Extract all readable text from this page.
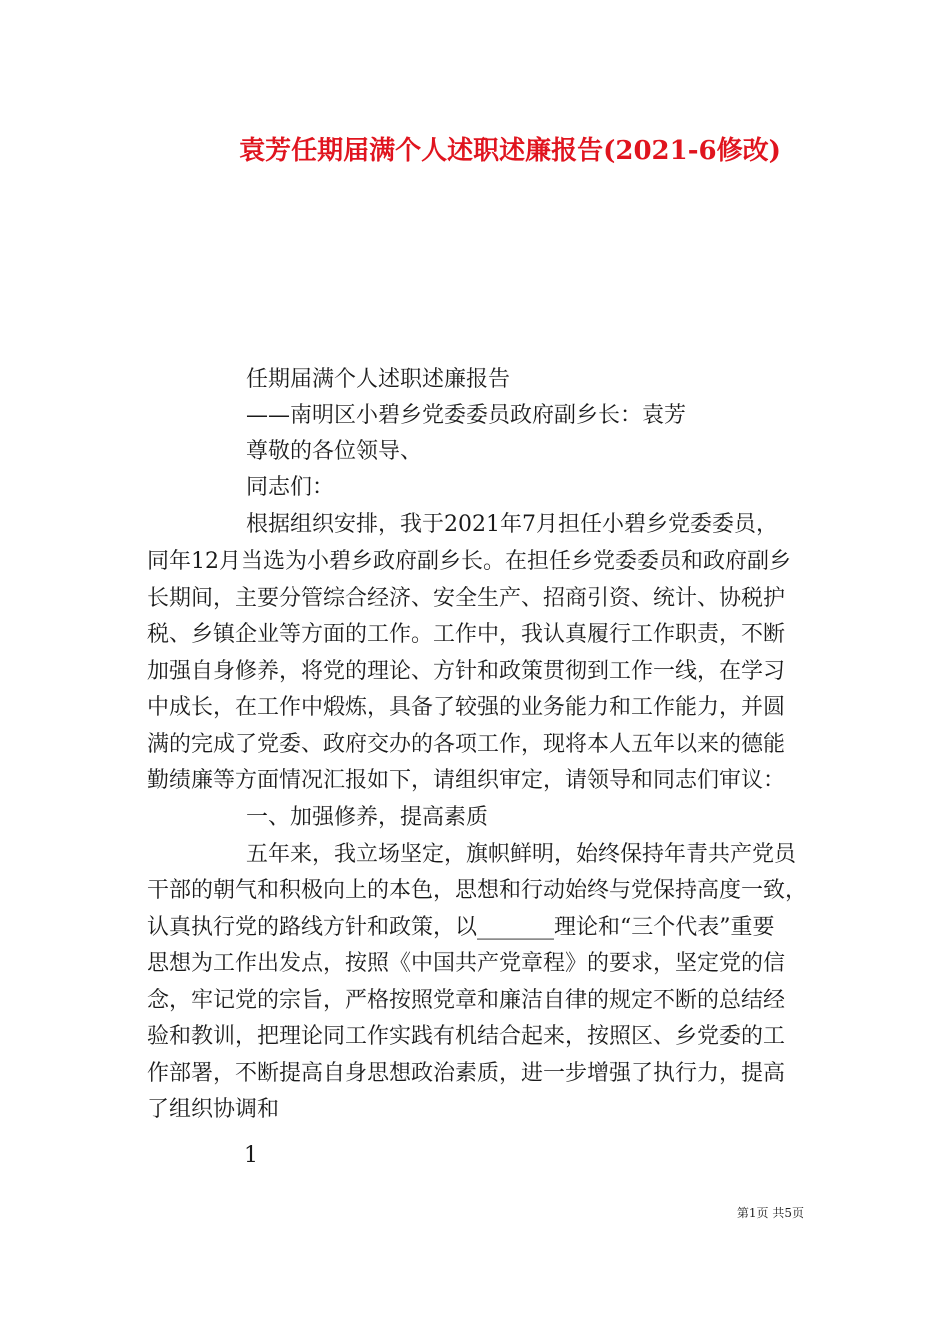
袁芳任期届满个人述职述廉报告(2021-6修改)
任期届满个人述职述廉报告
——南明区小碧乡党委委员政府副乡长：袁芳
尊敬的各位领导、
同志们：
根据组织安排，我于2021年7月担任小碧乡党委委员，
同年12月当选为小碧乡政府副乡长。在担任乡党委委员和政府副乡
长期间，主要分管综合经济、安全生产、招商引资、统计、协税护
税、乡镇企业等方面的工作。工作中，我认真履行工作职责，不断
加强自身修养，将党的理论、方针和政策贯彻到工作一线，在学习
中成长，在工作中煅炼，具备了较强的业务能力和工作能力，并圆
满的完成了党委、政府交办的各项工作，现将本人五年以来的德能
勤绩廉等方面情况汇报如下，请组织审定，请领导和同志们审议：
一、加强修养，提高素质
五年来，我立场坚定，旗帜鲜明，始终保持年青共产党员
干部的朝气和积极向上的本色，思想和行动始终与党保持高度一致，
认真执行党的路线方针和政策，以_______理论和“三个代表”重要
思想为工作出发点，按照《中国共产党章程》的要求，坚定党的信
念，牢记党的宗旨，严格按照党章和廉洁自律的规定不断的总结经
验和教训，把理论同工作实践有机结合起来，按照区、乡党委的工
作部署，不断提高自身思想政治素质，进一步增强了执行力，提高
了组织协调和
1
第1页 共5页
